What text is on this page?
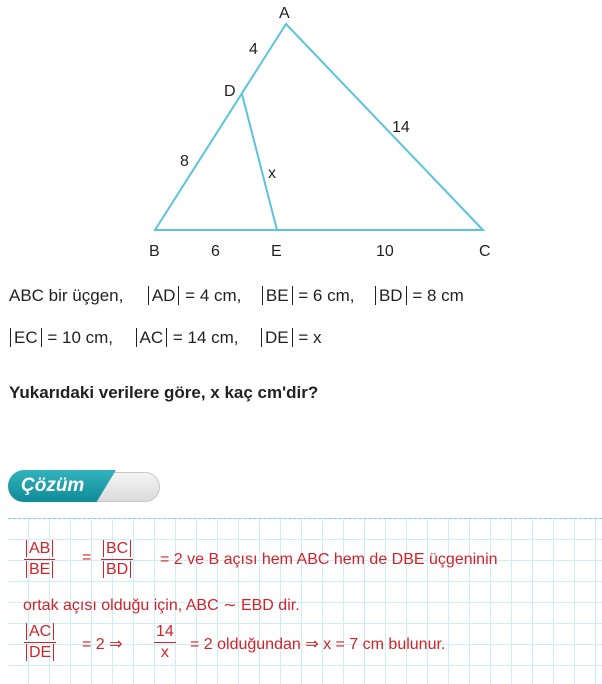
A
D
B	E	C
4
8
14
x
6	10
ABC bir üçgen, AD = 4 cm, BE = 6 cm, BD = 8 cm
EC = 10 cm, AC = 14 cm, DE = x
Yukarıdaki verilere göre, x kaç cm'dir?
Çözüm
$\frac{AB}{BE} = \frac{BC}{BD} = 2$ ve B açısı hem ABC hem de DBE üçgeninin
ortak açısı olduğu için, ABC ∼ EBD dir.
$\frac{AC}{DE} = 2$ ⇒ $\frac{14}{x} = 2$ olduğundan ⇒ x = 7 cm bulunur.
